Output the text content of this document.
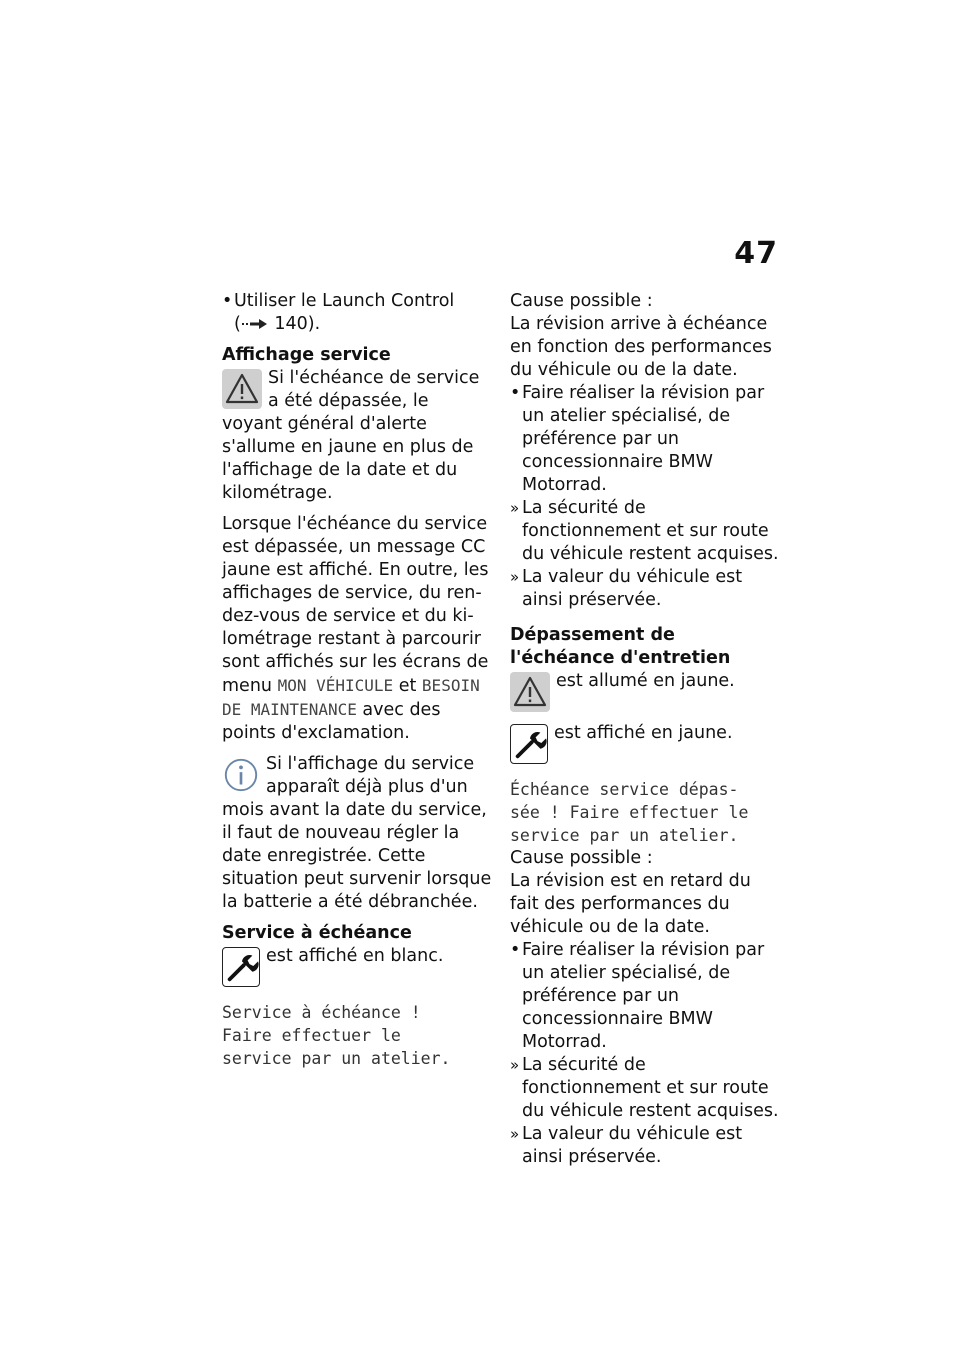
47

• Utiliser le Launch Control
( 140).

Affichage service

Si l'échéance de service a été dépassée, le voyant général d'alerte s'allume en jaune en plus de l'affichage de la date et du kilométrage.

Lorsque l'échéance du service est dépassée, un message CC jaune est affiché. En outre, les affichages de service, du rendez-vous de service et du kilométrage restant à parcourir sont affichés sur les écrans de menu MON VÉHICULE et BESOIN DE MAINTENANCE avec des points d'exclamation.

Si l'affichage du service apparaît déjà plus d'un mois avant la date du service, il faut de nouveau régler la date enregistrée. Cette situation peut survenir lorsque la batterie a été débranchée.

Service à échéance

est affiché en blanc.

Service à échéance !
Faire effectuer le
service par un atelier.

Cause possible :

La révision arrive à échéance en fonction des performances du véhicule ou de la date.

• Faire réaliser la révision par un atelier spécialisé, de préférence par un concessionnaire BMW Motorrad.

» La sécurité de fonctionnement et sur route du véhicule restent acquises.

» La valeur du véhicule est ainsi préservée.

Dépassement de l'échéance d'entretien

est allumé en jaune.

est affiché en jaune.

Échéance service dépas-
sée ! Faire effectuer le
service par un atelier.

Cause possible :

La révision est en retard du fait des performances du véhicule ou de la date.

• Faire réaliser la révision par un atelier spécialisé, de préférence par un concessionnaire BMW Motorrad.

» La sécurité de fonctionnement et sur route du véhicule restent acquises.

» La valeur du véhicule est ainsi préservée.
